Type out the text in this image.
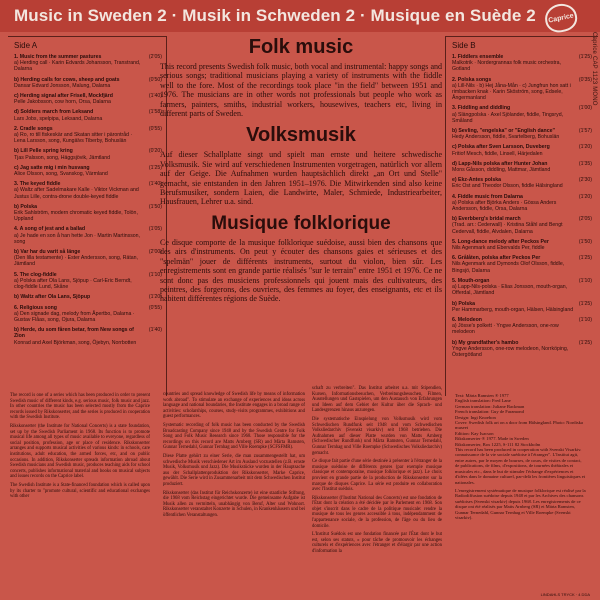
Music in Sweden 2 · Musik in Schweden 2 · Musique en Suède 2	Caprice
Caprice CAP 1123 MONO
Side A
1. Music from the summer pastures
a) Herding call · Karin Edvards Johansson, Transtrand, Dalarna
(2'05)
b) Herding calls for cows, sheep and goats
Dansar Edvard Jonsson, Malung, Dalarna
(0'50)
c) Herding signal after Frisell, Mockfjärd
Pelle Jakobsson, cow horn, Orsa, Dalarna
(1'40)
d) Soldiers march from Leksand
Lars Jobs, spelpipa, Leksand, Dalarna
(1'58)
2. Cradle songs
a) Ro, ro till fiskeskär and Skatan sitter i pärontråd · Lena Larsson, song, Kungälvs Tiberby, Bohuslän
(0'55)
b) Lill Pelle spring kring
Tjas Palsson, song, Häggsjövik, Jämtland
(0'20)
c) Jag satte mig i min husvang
Alice Olsson, song, Svanskog, Värmland
(1'25)
3. The keyed fiddle
a) Waltz after Sadelmakare Kalle · Viktor Vickman and Justus Lille, contra-drone double-keyed fiddle
(1'40)
b) Polska
Erik Sahlström, modern chromatic keyed fiddle, Tolön, Uppland
(1'50)
4. A song of jest and a ballad
a) Je hade en son å han hette Jon · Martin Martinsson, song
(1'05)
b) Var har du varit så länge
(Den lilla testamente) · Ester Andersson, song, Rätan, Jämtland
(2'00)
5. The clog-fiddle
a) Polska after Ola Lans, Sjöpup · Carl-Eric Berndt, clog-fiddle Lund, Skåne
(1'10)
b) Waltz after Ola Lans, Sjöpup	(1'20)
6. Religious song
a) Den signade dag, melody from Åpertbo, Dalarna · Gustav Flåas, song, Ojura, Dalarna
(0'55)
b) Herde, du som fåren betar, from New songs of Zion
Konrad and Axel Björkman, song, Öjebyn, Norrbotten
(1'40)
Folk music

This record presents Swedish folk music, both vocal and instrumental: happy songs and serious songs; traditional musicians playing a variety of instruments with the fiddle well to the fore. Most of the recordings took place "in the field" between 1951 and 1976. The musicians are in other words not professionals but people who work as farmers, painters, smiths, industrial workers, housewives, teachers etc, living in different parts of Sweden.

Volksmusik

Auf dieser Schallplatte singt und spielt man ernste und heitere schwedische Volksmusik. Sie wird auf verschiedenen Instrumenten vorgetragen, natürlich vor allem auf der Geige. Die Aufnahmen wurden hauptsächlich direkt „an Ort und Stelle" gemacht, sie entstanden in den Jahren 1951–1976. Die Mitwirkenden sind also keine Berufsmusiker, sondern Laien, die Landwirte, Maler, Schmiede, Industriearbeiter, Hausfrauen, Lehrer u.a. sind.

Musique folklorique

Ce disque comporte de la musique folklorique suédoise, aussi bien des chansons que des airs d'instruments. On peut y écouter des chansons gaies et sérieuses et des "spelmän" jouer de différents instruments, surtout du violon, bien sûr. Les enregistrements sont en grande partie réalisés "sur le terrain" entre 1951 et 1976. Ce ne sont donc pas des musiciens professionnels qui jouent mais des cultivateurs, des peintres, des forgerons, des ouvriers, des femmes au foyer, des enseignants, etc et ils habitent différentes régions de Suède.

Side B
1. Fiddlers ensemble
Malkotrik · Nordergrannas folk music orchestra, Gotland
(1'25)
2. Polska songs
a) Lill-Nils · b) Hej Jåna-Mån · c) Jungfrun hon satt i rimbacken knak · Karin Sköström, song, Edsele, Ångermanland
(0'35)
3. Fiddling and diddling
a) Slängpolska · Axel Sjölander, fiddle, Tingsryd, Småland
(1'00)
b) Sevling, "engelska" or "English dance"
Hedy Andersson, fiddle, Svartelberg, Bohuslän
(1'57)
c) Polska after Sven Larsson, Duveberg
Fritiof Mesch, fiddle, Linsell, Härjedalen
(1'20)
d) Lapp-Nils polska after Hunter Johan
Mons Gåsson, diddling, Mattmar, Jämtland
(1'35)
e) Ekz-Antes polska
Eric Ost and Theodor Olsson, fiddle Hälsingland
(2'30)
4. Fiddle music from Dalarna
a) Polska after Björka Anders · Gössa Anders Andersson, fiddle, Orsa, Dalarna
(1'20)
b) Everbberg's bridal march
(Trad. arr.: Cederwall) · Kristina Ståhl and Bengt Cedervall, fiddle, Alvdalen, Dalarna
(2'05)
5. Long-dance melody after Peckos Per
Nils Agenmark and Ebervalds Per, fiddle
(1'50)
6. Grålåten, polska after Peckos Per
Nils Agenmark and Dymonds Olof Olsson, fiddle, Bingsjö, Dalarna
(1'25)
5. Mouth-organ
a) Lapp-Nils-polska · Elias Jonsson, mouth-organ, Offerdal, Jämtland
(1'10)
b) Polska
Per Hammarberg, mouth-organ, Hälsen, Hälsingland
(1'25)
6. Melodeon
a) Jösse's polkett · Yngve Andersson, one-row melodeon
(1'10)
b) My grandfather's hambo
Yngve Andersson, one-row melodeon, Norrköping, Östergötland
(1'25)

The record is one of a series which has been produced in order to present Swedish music of different kinds, e.g. serious music, folk music and jazz. In other countries the music has been selected mostly from the Caprice records issued by Rikskonserter, and the series is produced in cooperation with the Swedish Institute.

Rikskonserter (the Institute for National Concerts) is a state foundation, set up by the Swedish Parliament in 1968. Its function is to promote musical life among all types of music available to everyone, regardless of social position, profession, age or place of residence. Rikskonserter arranges and supports musical activities of various kinds: in schools, care institutions, adult education, the armed forces, etc, and on public occasions. In addition, Rikskonserter spreads information abroad about Swedish musicians and Swedish music, produces teaching aids for school concerts, publishes informational material and books on musical subjects and issues records on the Caprice label.

The Swedish Institute is a State-financed foundation which is called upon by its charter to "promote cultural, scientific and educational exchanges with other

countries and spread knowledge of Swedish life by means of information work abroad". To stimulate an exchange of experiences and ideas across language and national boundaries, the Institute engages in a broad range of activities: scholarships, courses, study-visits programmes, exhibitions and guest performances.

Systematic recording of folk music has been conducted by the Swedish Broadcasting Company since 1948 and by the Swedish Centre for Folk Song and Folk Music Research since 1968. Those responsible for the recordings on this record are Matts Arnberg (SR) and Märta Ramsten, Gunnar Ternedahl, Gunnar Ternhag and Ville Roempke (SCFSFMR).

Diese Platte gehört zu einer Serie, die man zusammengestellt hat, um schwedische Musik verschiedener Art im Ausland vorzustellen (z.B. ernste Musik, Volksmusik und Jazz). Die Musikstücke wurden in der Hauptsache aus der Schallplattenproduktion der Rikskonserter, Marke Caprice, gewählt. Die Serie wird in Zusammenarbeit mit dem Schwedischen Institut produziert.

Rikskonserter (das Institut für Reichskonzerte) ist eine staatliche Stiftung, die 1968 vom Reichstag eingerichtet wurde. Die gemeinsame Aufgabe ist Musik allen zu vermitteln, unabhängig von Beruf, Alter und Wohnort. Rikskonserter veranstaltet Konzerte in Schulen, in Krankenhäusern und bei öffentlichen Veranstaltungen.

schaft zu verbreiten". Das Institut arbeitet u.a. mit Stipendien, Kursen, Informationsbesuchen, Verbreitungsbesuchen, Filmen, Ausstellungen und Gastspielen, um den Austausch von Erfahrungen und Ideen auf dem Gebiet der Kultur über die Sprach- und Landesgrenzen hinaus anzuregen.

Die systematische Einspielung von Volksmusik wird vom Schwedischen Rundfunk seit 1948 und vom Schwedischen Volksliedarchiv (Svenskt visarkiv) seit 1968 betrieben. Die Aufnahmen auf dieser Platte wurden von Matts Arnberg (Schwedischer Rundfunk) und Märta Ramsten, Gunnar Ternedahl, Gunnar Ternhag und Ville Roempke (Schwedisches Volksliedarchiv) gemacht.

Ce disque fait partie d'une série destinée à présenter à l'étranger de la musique suédoise de différents genres (par exemple musique classique et contemporaine, musique folklorique et jazz). Le choix provient en grande partie de la production de Rikskonserter sur la marque de disques Caprice. La série est produite en collaboration avec l'Institut suédois.

Rikskonserter (l'Institut National des Concerts) est une fondation de l'État dont la création a été décidée par le Parlement en 1968. Son objet s'inscrit dans le cadre de la politique musicale: rendre la musique de tous les genres accessible à tous, indépendamment de l'appartenance sociale, de la profession, de l'âge ou du lieu de domicile.

L'Institut Suédois est une fondation financée par l'État dont le but est, selon ses statuts, « pour tâche de promouvoir les échanges culturels et d'expériences avec l'étranger et d'élargir par une action d'information la

Text: Märta Ramsten ® 1977
English translation: Fred Lane
German translation: Juliane Backman
French translation: Guy de Faramond
Design: Ingi Knoebon
Cover: Swedish folk art on a door from Hälsingland. Photo: Nordiska museet
Edition: Kay Isacson
Rikskonserter ® 1977. Made in Sweden
Rikskonserter, Box 1225, S-111 82 Stockholm
This record has been produced in cooperation with Svenskt Visarkiv.
connaissance de la vie sociale suédoise à l'étranger". L'Institut agit, entre autres, par le moyen de bourses, de cours, de visites de contact, de publications, de films, d'expositions, de tournées théâtrales et musicales etc., dans le but de stimuler l'échange d'expériences et d'idées dans le domaine culturel, par-delà les frontières linguistiques et nationales.
L'enregistrement systématique de musique folklorique est réalisé par la Radiodiffusion suédoise depuis 1948 et par les Archives des chansons suédoises (Svenskt visarkiv) depuis 1968. Les enregistrements de ce disque ont été réalisés par Matts Arnberg (SR) et Märta Ramsten, Gunnar Ternedahl, Gunnar Ternhag et Ville Roempke (Svenskt visarkiv).
LINDAHLS TRYCK · 4 DDA
